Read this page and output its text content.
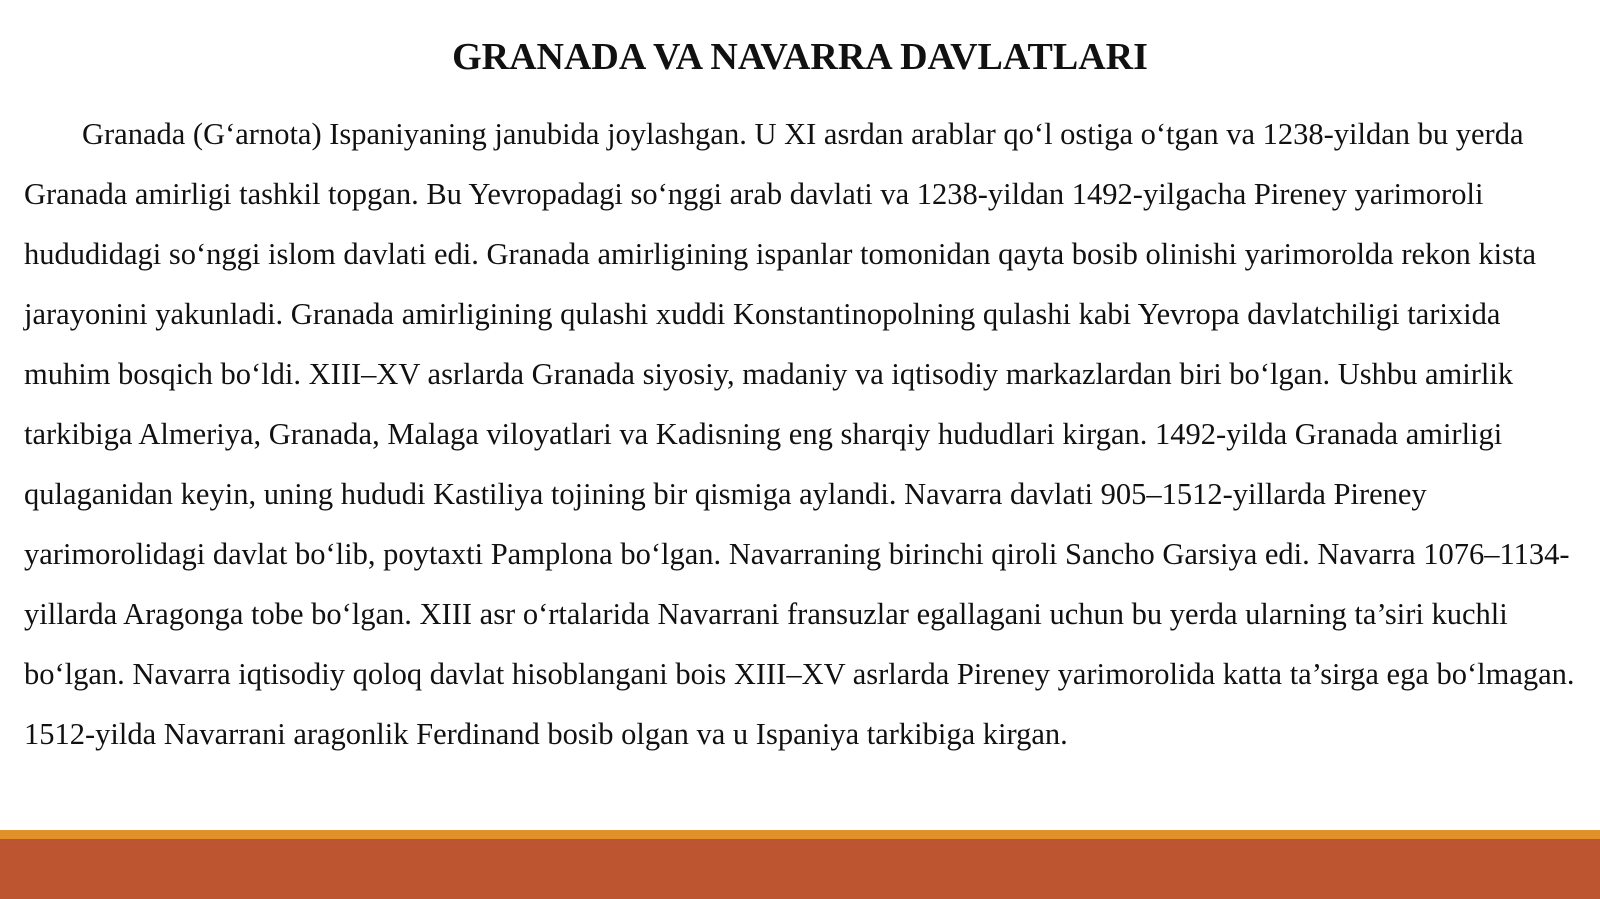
GRANADA VA NAVARRA DAVLATLARI

Granada (G‘arnota) Ispaniyaning janubida joylashgan. U XI asrdan arablar qo‘l ostiga o‘tgan va 1238-yildan bu yerda Granada amirligi tashkil topgan. Bu Yevropadagi so‘nggi arab davlati va 1238-yildan 1492-yilgacha Pireney yarimoroli hududidagi so‘nggi islom davlati edi. Granada amirligining ispanlar tomonidan qayta bosib olinishi yarimorolda rekon kista jarayonini yakunladi. Granada amirligining qulashi xuddi Konstantinopolning qulashi kabi Yevropa davlatchiligi tarixida muhim bosqich bo‘ldi. XIII–XV asrlarda Granada siyosiy, madaniy va iqtisodiy markazlardan biri bo‘lgan. Ushbu amirlik tarkibiga Almeriya, Granada, Malaga viloyatlari va Kadisning eng sharqiy hududlari kirgan. 1492-yilda Granada amirligi qulaganidan keyin, uning hududi Kastiliya tojining bir qismiga aylandi. Navarra davlati 905–1512-yillarda Pireney yarimorolidagi davlat bo‘lib, poytaxti Pamplona bo‘lgan. Navarraning birinchi qiroli Sancho Garsiya edi. Navarra 1076–1134-yillarda Aragonga tobe bo‘lgan. XIII asr o‘rtalarida Navarrani fransuzlar egallagani uchun bu yerda ularning ta’siri kuchli bo‘lgan. Navarra iqtisodiy qoloq davlat hisoblangani bois XIII–XV asrlarda Pireney yarimorolida katta ta’sirga ega bo‘lmagan. 1512-yilda Navarrani aragonlik Ferdinand bosib olgan va u Ispaniya tarkibiga kirgan.
